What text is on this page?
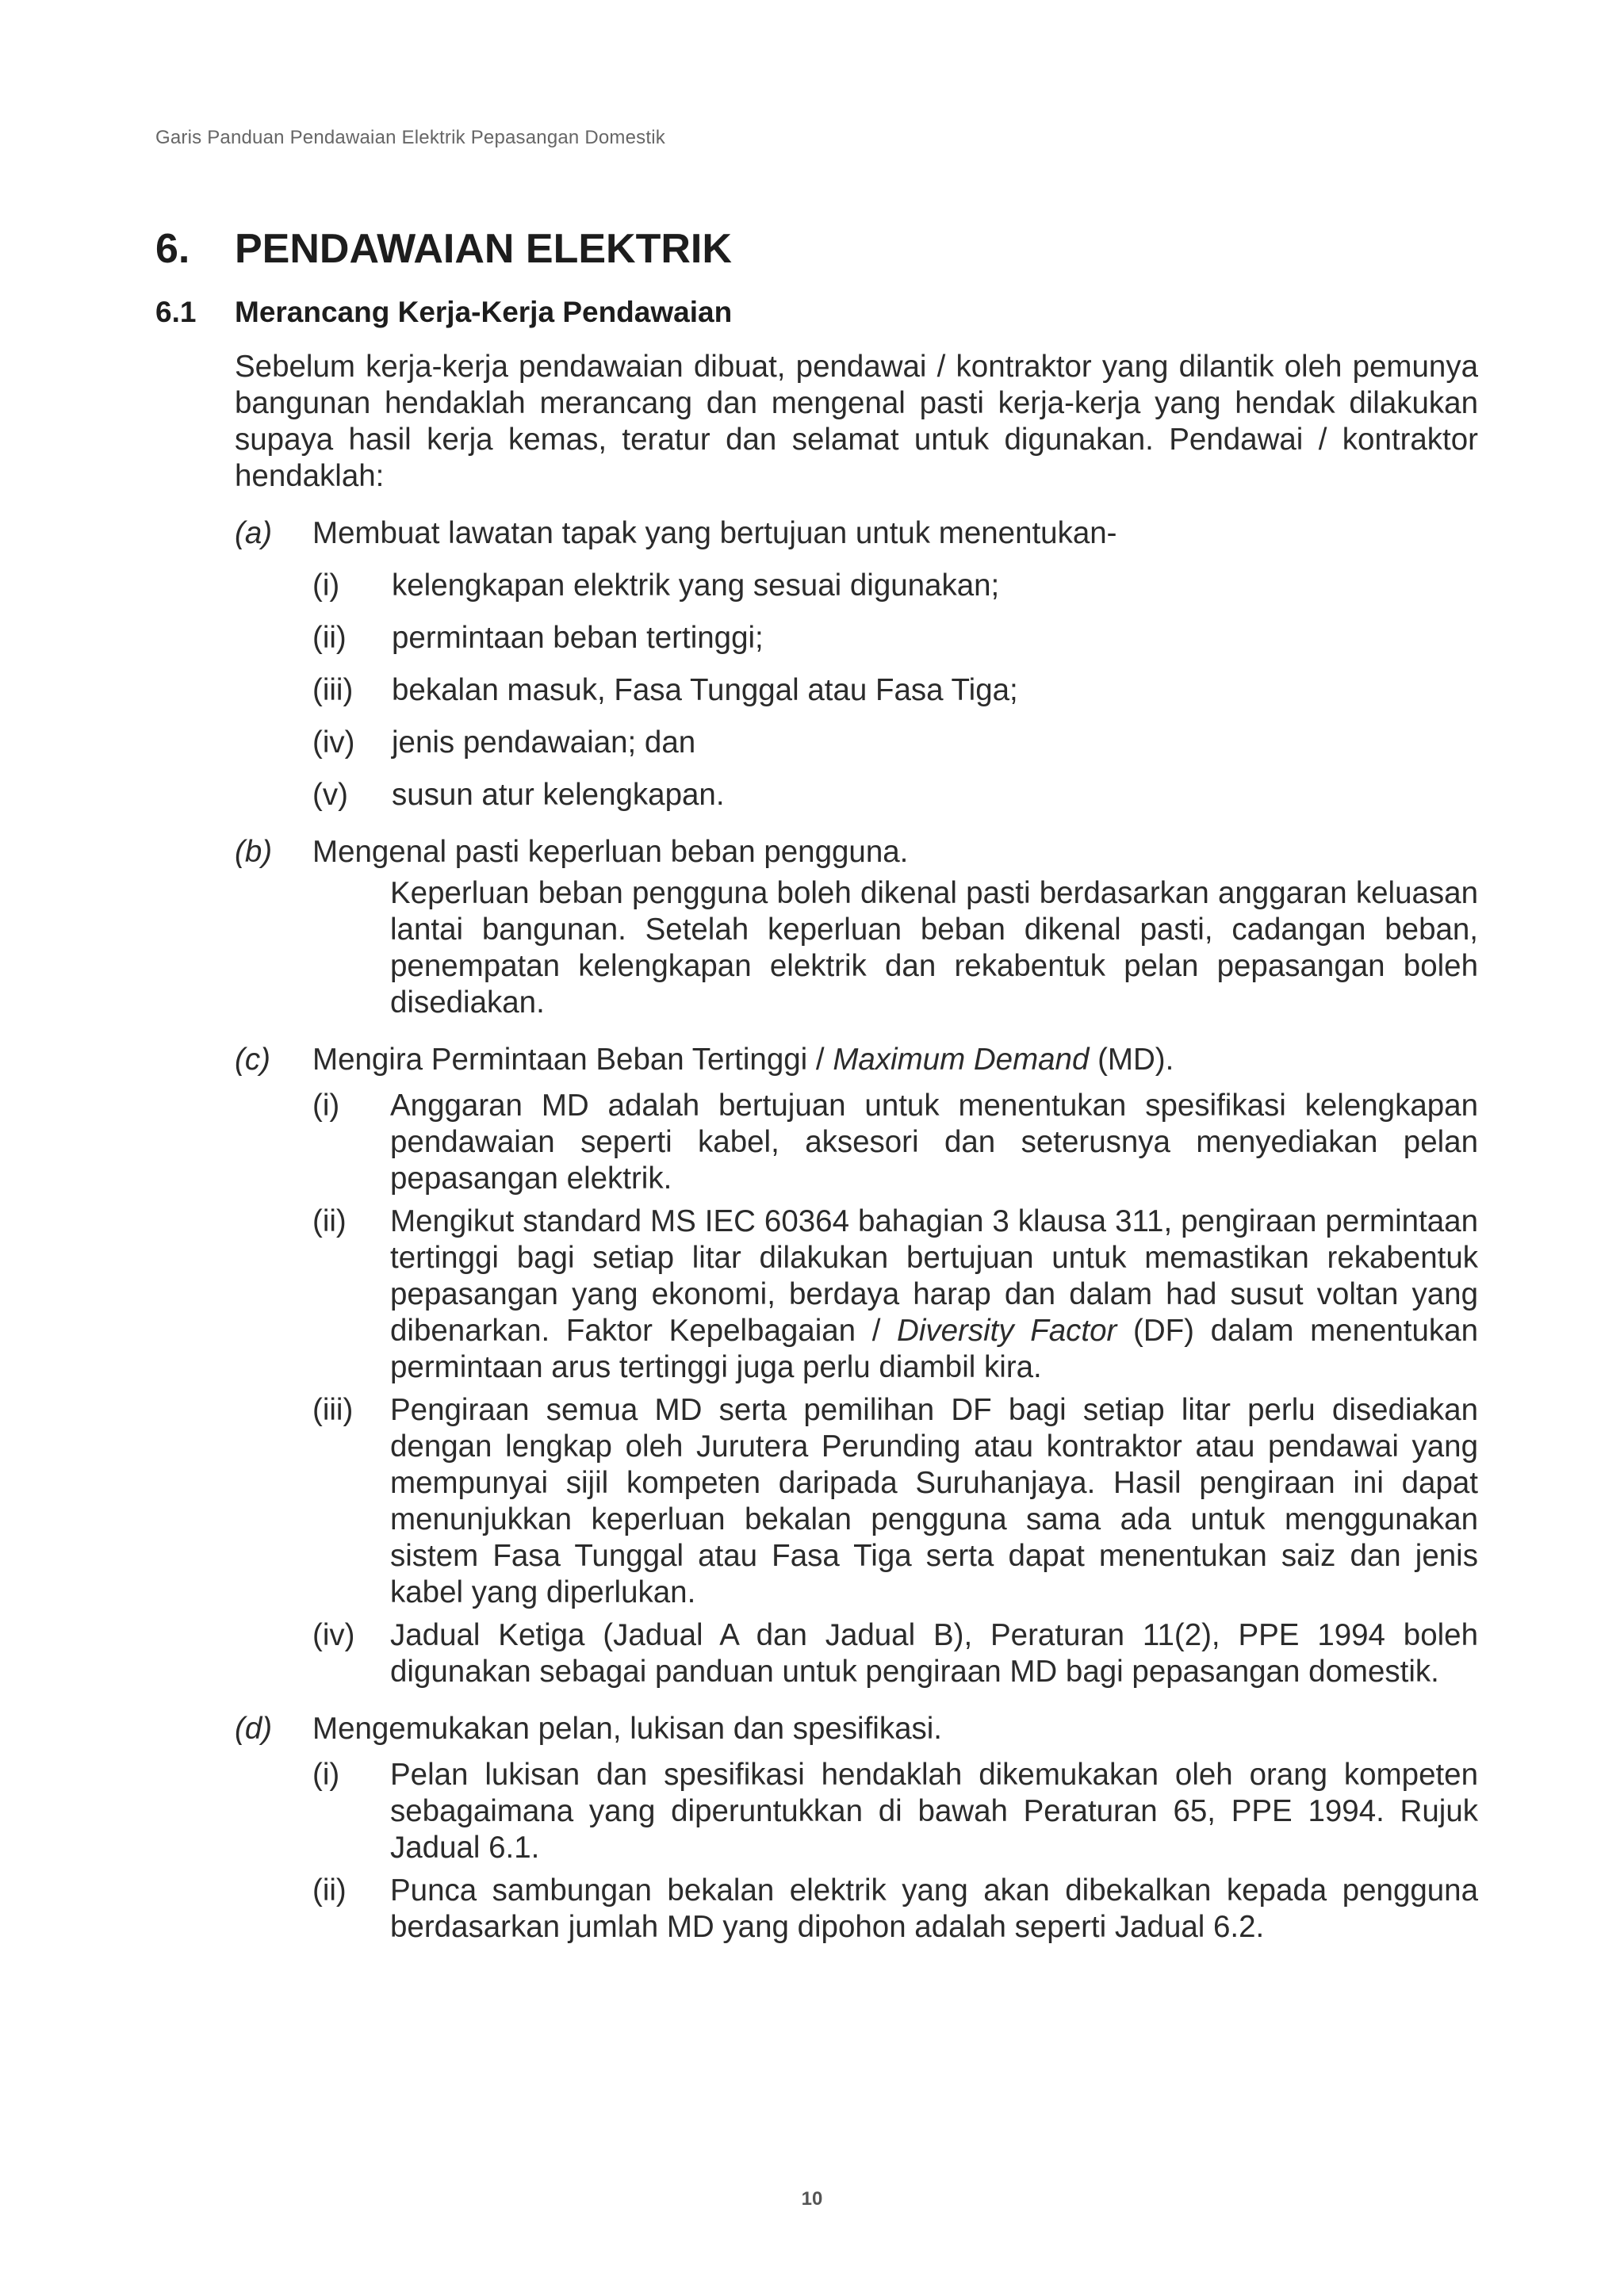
Garis Panduan Pendawaian Elektrik Pepasangan Domestik
6. PENDAWAIAN ELEKTRIK
6.1 Merancang Kerja-Kerja Pendawaian

Sebelum kerja-kerja pendawaian dibuat, pendawai / kontraktor yang dilantik oleh pemunya bangunan hendaklah merancang dan mengenal pasti kerja-kerja yang hendak dilakukan supaya hasil kerja kemas, teratur dan selamat untuk digunakan. Pendawai / kontraktor hendaklah:

(a) Membuat lawatan tapak yang bertujuan untuk menentukan-

(i) kelengkapan elektrik yang sesuai digunakan;
(ii) permintaan beban tertinggi;
(iii) bekalan masuk, Fasa Tunggal atau Fasa Tiga;
(iv) jenis pendawaian; dan
(v) susun atur kelengkapan.
(b) Mengenal pasti keperluan beban pengguna.

Keperluan beban pengguna boleh dikenal pasti berdasarkan anggaran keluasan lantai bangunan. Setelah keperluan beban dikenal pasti, cadangan beban, penempatan kelengkapan elektrik dan rekabentuk pelan pepasangan boleh disediakan.

(c) Mengira Permintaan Beban Tertinggi / Maximum Demand (MD).

(i) Anggaran MD adalah bertujuan untuk menentukan spesifikasi kelengkapan pendawaian seperti kabel, aksesori dan seterusnya menyediakan pelan pepasangan elektrik.
(ii) Mengikut standard MS IEC 60364 bahagian 3 klausa 311, pengiraan permintaan tertinggi bagi setiap litar dilakukan bertujuan untuk memastikan rekabentuk pepasangan yang ekonomi, berdaya harap dan dalam had susut voltan yang dibenarkan. Faktor Kepelbagaian / Diversity Factor (DF) dalam menentukan permintaan arus tertinggi juga perlu diambil kira.
(iii) Pengiraan semua MD serta pemilihan DF bagi setiap litar perlu disediakan dengan lengkap oleh Jurutera Perunding atau kontraktor atau pendawai yang mempunyai sijil kompeten daripada Suruhanjaya. Hasil pengiraan ini dapat menunjukkan keperluan bekalan pengguna sama ada untuk menggunakan sistem Fasa Tunggal atau Fasa Tiga serta dapat menentukan saiz dan jenis kabel yang diperlukan.
(iv) Jadual Ketiga (Jadual A dan Jadual B), Peraturan 11(2), PPE 1994 boleh digunakan sebagai panduan untuk pengiraan MD bagi pepasangan domestik.
(d) Mengemukakan pelan, lukisan dan spesifikasi.

(i) Pelan lukisan dan spesifikasi hendaklah dikemukakan oleh orang kompeten sebagaimana yang diperuntukkan di bawah Peraturan 65, PPE 1994. Rujuk Jadual 6.1.
(ii) Punca sambungan bekalan elektrik yang akan dibekalkan kepada pengguna berdasarkan jumlah MD yang dipohon adalah seperti Jadual 6.2.
10
